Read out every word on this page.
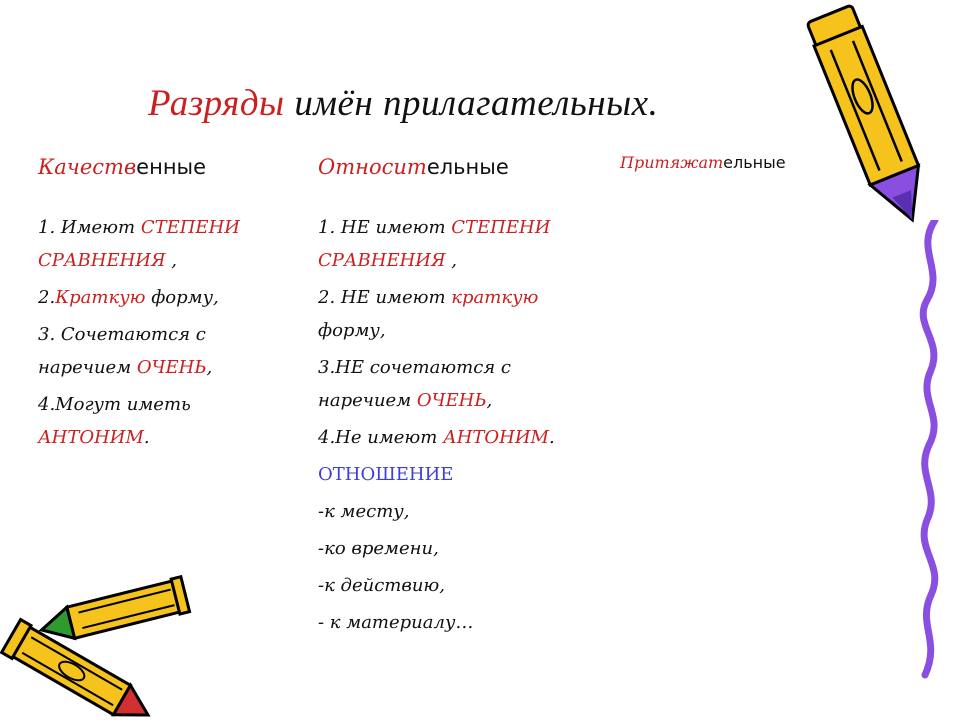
Разряды имён прилагательных.
Качественные
1. Имеют СТЕПЕНИ СРАВНЕНИЯ ,
2.Краткую форму,
3. Сочетаются с наречием ОЧЕНЬ,
4.Могут иметь АНТОНИМ.
Относительные
1. НЕ имеют СТЕПЕНИ СРАВНЕНИЯ ,
2. НЕ имеют краткую форму,
3.НЕ сочетаются с наречием ОЧЕНЬ,
4.Не имеют АНТОНИМ.
ОТНОШЕНИЕ
-к месту,
-ко времени,
-к действию,
- к материалу…
Притяжательные
